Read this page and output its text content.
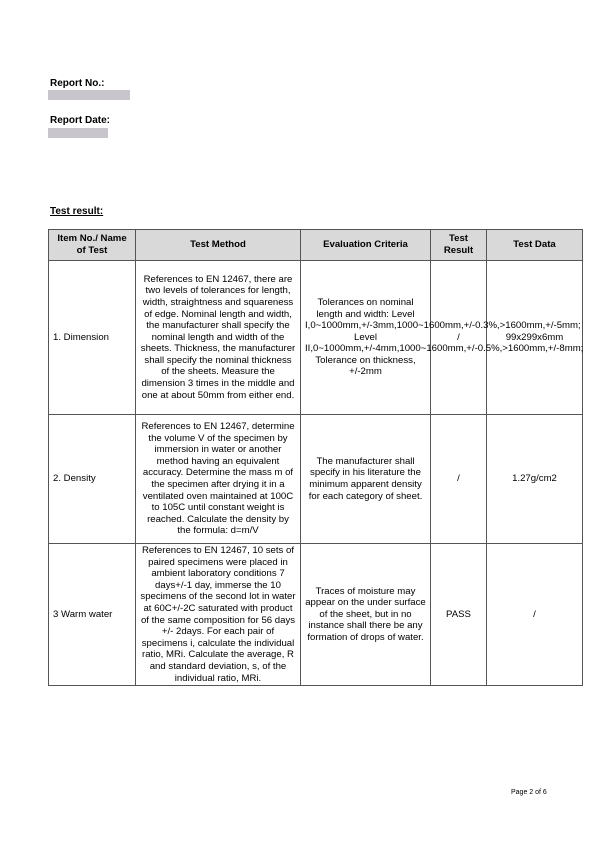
Report No.:
Report Date:
Test result:
Item No./ Name of Test	Test Method	Evaluation Criteria	Test Result	Test Data
1. Dimension	References to EN 12467, there are two levels of tolerances for length, width, straightness and squareness of edge. Nominal length and width, the manufacturer shall specify the nominal length and width of the sheets. Thickness, the manufacturer shall specify the nominal thickness of the sheets. Measure the dimension 3 times in the middle and one at about 50mm from either end.	Tolerances on nominal length and width: Level I,0~1000mm,+/-3mm,1000~1600mm,+/-0.3%,>1600mm,+/-5mm; Level II,0~1000mm,+/-4mm,1000~1600mm,+/-0.5%,>1600mm,+/-8mm; Tolerance on thickness, +/-2mm	/	99x299x6mm
2. Density	References to EN 12467, determine the volume V of the specimen by immersion in water or another method having an equivalent accuracy. Determine the mass m of the specimen after drying it in a ventilated oven maintained at 100C to 105C until constant weight is reached. Calculate the density by the formula: d=m/V	The manufacturer shall specify in his literature the minimum apparent density for each category of sheet.	/	1.27g/cm2
3 Warm water	References to EN 12467, 10 sets of paired specimens were placed in ambient laboratory conditions 7 days+/-1 day, immerse the 10 specimens of the second lot in water at 60C+/-2C saturated with product of the same composition for 56 days +/- 2days. For each pair of specimens i, calculate the individual ratio, MRi. Calculate the average, R and standard deviation, s, of the individual ratio, MRi.	Traces of moisture may appear on the under surface of the sheet, but in no instance shall there be any formation of drops of water.	PASS	/
Page 2 of 6
